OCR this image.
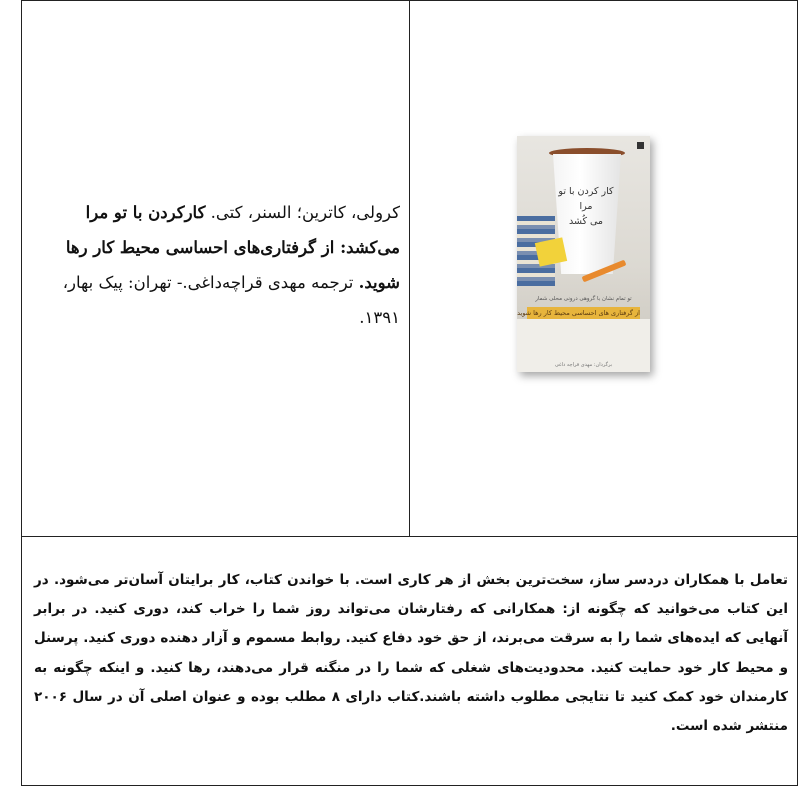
کار کردن با تو
مرا
می کُشد
تو تمام نشان با گروهی درونی محلی‌ شمار
از گرفتاری های احساسی محیط کار رها شوید
برگردان: مهدی قراچه داغی
کرولی، کاترین؛ السنر، کتی. کارکردن با تو مرا می‌کشد: از گرفتاری‌های احساسی محیط کار رها شوید. ترجمه مهدی قراچه‌داغی.- تهران: پیک بهار، ۱۳۹۱.
تعامل با همکاران دردسر ساز، سخت‌ترین بخش از هر کاری است. با خواندن کتاب، کار برایتان آسان‌تر می‌شود. در این کتاب می‌خوانید که چگونه از: همکارانی که رفتارشان می‌تواند روز شما را خراب کند، دوری کنید. در برابر آنهایی که ایده‌های شما را به سرقت می‌برند، از حق خود دفاع کنید. روابط مسموم و آزار دهنده دوری کنید. پرسنل و محیط کار خود حمایت کنید. محدودیت‌های شغلی که شما را در منگنه قرار می‌دهند، رها کنید. و اینکه چگونه به کارمندان خود کمک کنید تا نتایجی مطلوب داشته باشند.کتاب دارای ۸ مطلب بوده و عنوان اصلی آن در سال ۲۰۰۶ منتشر شده است.
